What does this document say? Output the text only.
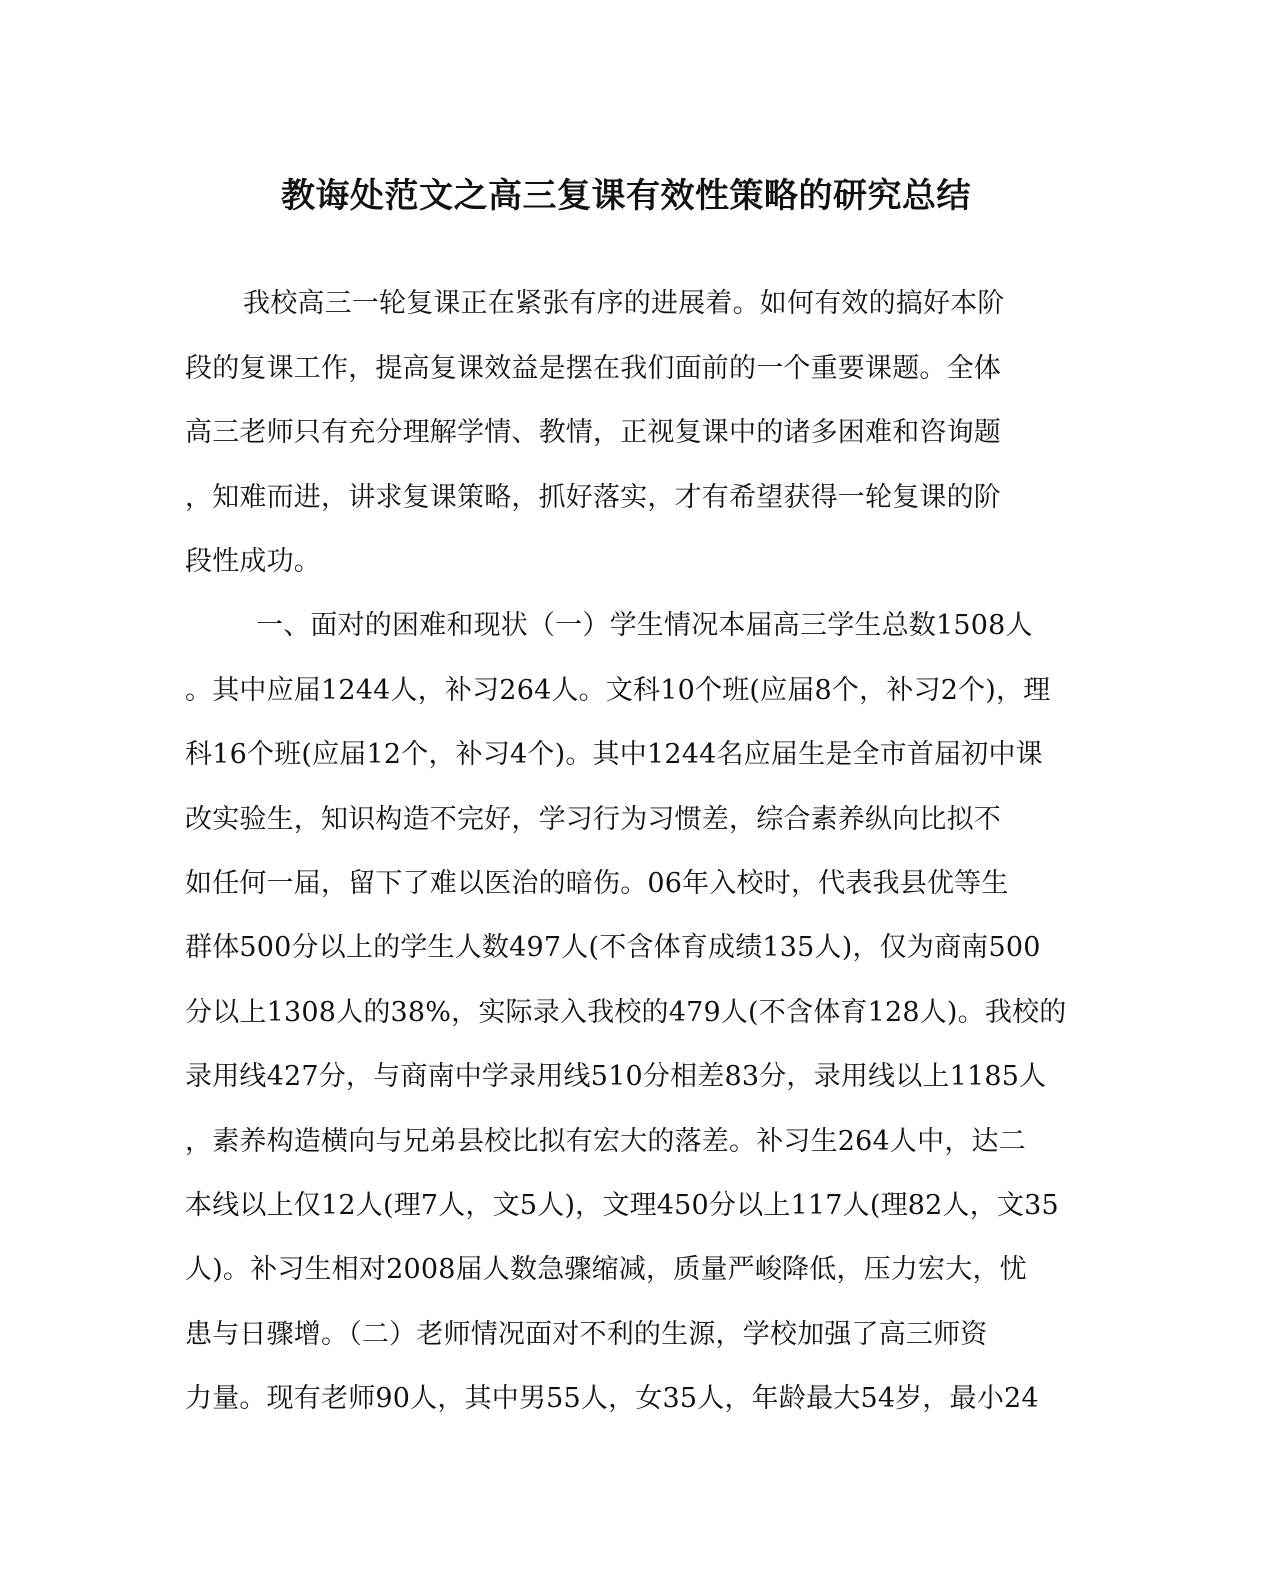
教诲处范文之高三复课有效性策略的研究总结
我校高三一轮复课正在紧张有序的进展着。如何有效的搞好本阶
段的复课工作，提高复课效益是摆在我们面前的一个重要课题。全体
高三老师只有充分理解学情、教情，正视复课中的诸多困难和咨询题
，知难而进，讲求复课策略，抓好落实，才有希望获得一轮复课的阶
段性成功。
一、面对的困难和现状（一）学生情况本届高三学生总数1508人
。其中应届1244人，补习264人。文科10个班(应届8个，补习2个)，理
科16个班(应届12个，补习4个)。其中1244名应届生是全市首届初中课
改实验生，知识构造不完好，学习行为习惯差，综合素养纵向比拟不
如任何一届，留下了难以医治的暗伤。06年入校时，代表我县优等生
群体500分以上的学生人数497人(不含体育成绩135人)，仅为商南500
分以上1308人的38%，实际录入我校的479人(不含体育128人)。我校的
录用线427分，与商南中学录用线510分相差83分，录用线以上1185人
，素养构造横向与兄弟县校比拟有宏大的落差。补习生264人中，达二
本线以上仅12人(理7人，文5人)，文理450分以上117人(理82人，文35
人)。补习生相对2008届人数急骤缩减，质量严峻降低，压力宏大，忧
患与日骤增。（二）老师情况面对不利的生源，学校加强了高三师资
力量。现有老师90人，其中男55人，女35人，年龄最大54岁，最小24
